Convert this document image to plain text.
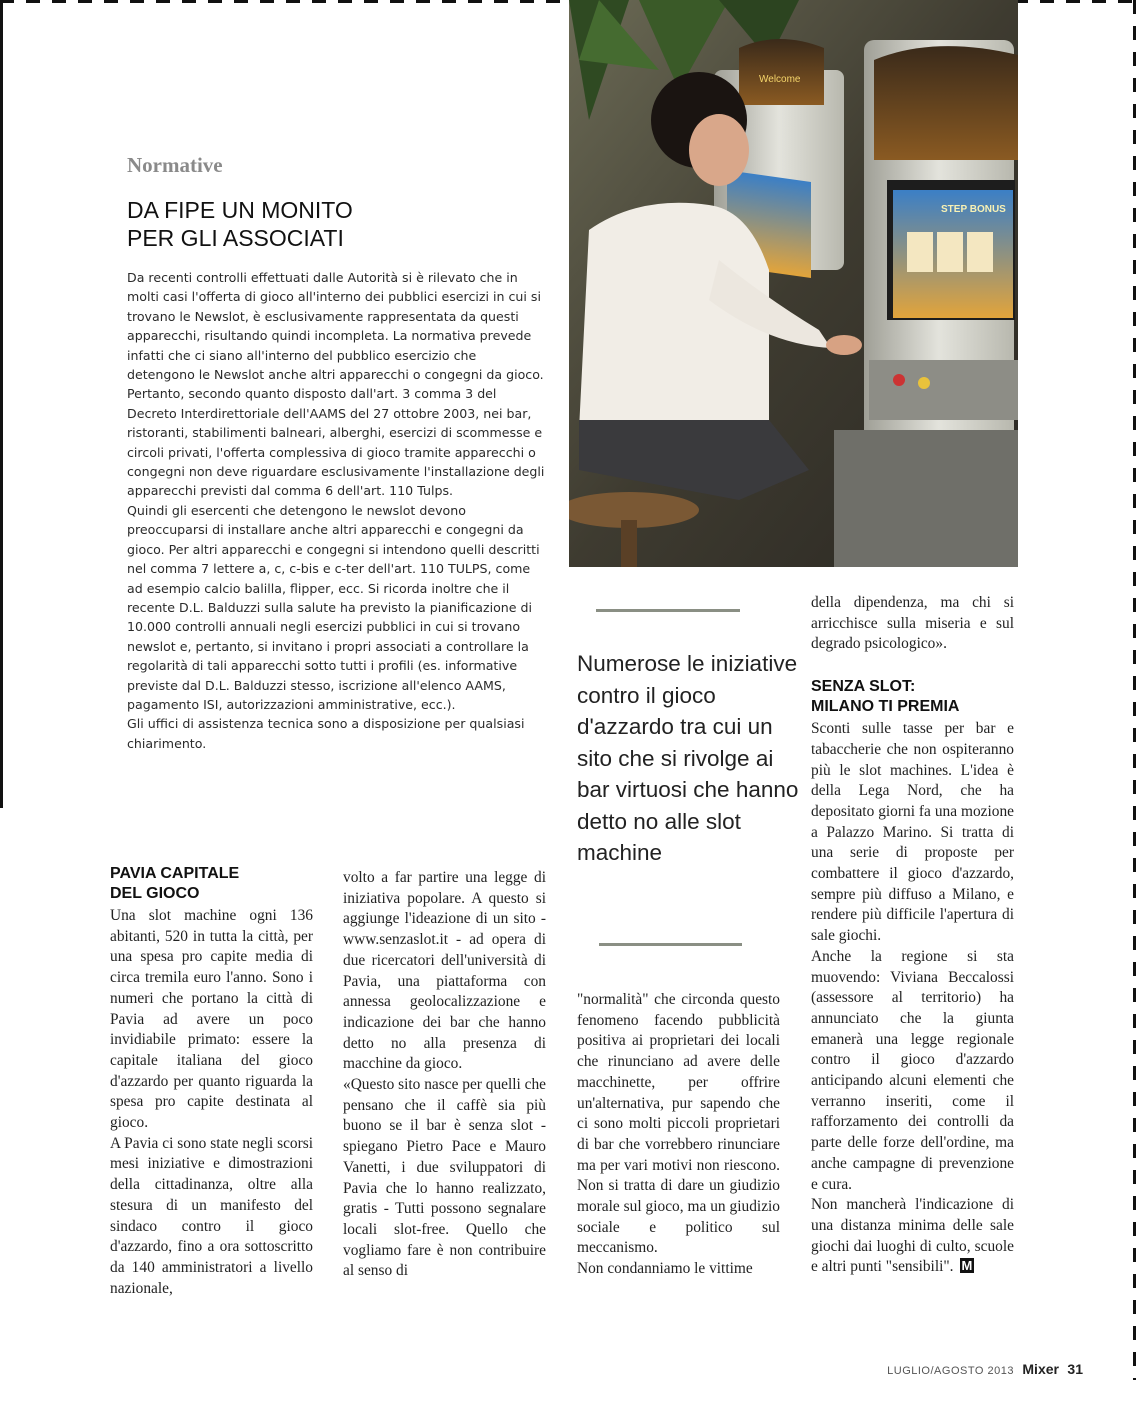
Normative
DA FIPE UN MONITO
PER GLI ASSOCIATI

Da recenti controlli effettuati dalle Autorità si è rilevato che in molti casi l'offerta di gioco all'interno dei pubblici esercizi in cui si trovano le Newslot, è esclusivamente rappresentata da questi apparecchi, risultando quindi incompleta. La normativa prevede infatti che ci siano all'interno del pubblico esercizio che detengono le Newslot anche altri apparecchi o congegni da gioco.

Pertanto, secondo quanto disposto dall'art. 3 comma 3 del Decreto Interdirettoriale dell'AAMS del 27 ottobre 2003, nei bar, ristoranti, stabilimenti balneari, alberghi, esercizi di scommesse e circoli privati, l'offerta complessiva di gioco tramite apparecchi o congegni non deve riguardare esclusivamente l'installazione degli apparecchi previsti dal comma 6 dell'art. 110 Tulps.

Quindi gli esercenti che detengono le newslot devono preoccuparsi di installare anche altri apparecchi e congegni da gioco. Per altri apparecchi e congegni si intendono quelli descritti nel comma 7 lettere a, c, c-bis e c-ter dell'art. 110 TULPS, come ad esempio calcio balilla, flipper, ecc. Si ricorda inoltre che il recente D.L. Balduzzi sulla salute ha previsto la pianificazione di 10.000 controlli annuali negli esercizi pubblici in cui si trovano newslot e, pertanto, si invitano i propri associati a controllare la regolarità di tali apparecchi sotto tutti i profili (es. informative previste dal D.L. Balduzzi stesso, iscrizione all'elenco AAMS, pagamento ISI, autorizzazioni amministrative, ecc.).

Gli uffici di assistenza tecnica sono a disposizione per qualsiasi chiarimento.

Welcome
STEP BONUS
PAVIA CAPITALE
DEL GIOCO

Una slot machine ogni 136 abitanti, 520 in tutta la città, per una spesa pro capite media di circa tremila euro l'anno. Sono i numeri che portano la città di Pavia ad avere un poco invidiabile primato: essere la capitale italiana del gioco d'azzardo per quanto riguarda la spesa pro capite destinata al gioco.

A Pavia ci sono state negli scorsi mesi iniziative e dimostrazioni della cittadinanza, oltre alla stesura di un manifesto del sindaco contro il gioco d'azzardo, fino a ora sottoscritto da 140 amministratori a livello nazionale,

volto a far partire una legge di iniziativa popolare. A questo si aggiunge l'ideazione di un sito - www.senzaslot.it - ad opera di due ricercatori dell'università di Pavia, una piattaforma con annessa geolocalizzazione e indicazione dei bar che hanno detto no alla presenza di macchine da gioco.

«Questo sito nasce per quelli che pensano che il caffè sia più buono se il bar è senza slot - spiegano Pietro Pace e Mauro Vanetti, i due sviluppatori di Pavia che lo hanno realizzato, gratis - Tutti possono segnalare locali slot-free. Quello che vogliamo fare è non contribuire al senso di

Numerose le iniziative contro il gioco d'azzardo tra cui un sito che si rivolge ai bar virtuosi che hanno detto no alle slot machine

"normalità" che circonda questo fenomeno facendo pubblicità positiva ai proprietari dei locali che rinunciano ad avere delle macchinette, per offrire un'alternativa, pur sapendo che ci sono molti piccoli proprietari di bar che vorrebbero rinunciare ma per vari motivi non riescono. Non si tratta di dare un giudizio morale sul gioco, ma un giudizio sociale e politico sul meccanismo.

Non condanniamo le vittime

della dipendenza, ma chi si arricchisce sulla miseria e sul degrado psicologico».

SENZA SLOT:
MILANO TI PREMIA

Sconti sulle tasse per bar e tabaccherie che non ospiteranno più le slot machines. L'idea è della Lega Nord, che ha depositato giorni fa una mozione a Palazzo Marino. Si tratta di una serie di proposte per combattere il gioco d'azzardo, sempre più diffuso a Milano, e rendere più difficile l'apertura di sale giochi.

Anche la regione si sta muovendo: Viviana Beccalossi (assessore al territorio) ha annunciato che la giunta emanerà una legge regionale contro il gioco d'azzardo anticipando alcuni elementi che verranno inseriti, come il rafforzamento dei controlli da parte delle forze dell'ordine, ma anche campagne di prevenzione e cura.

Non mancherà l'indicazione di una distanza minima delle sale giochi dai luoghi di culto, scuole e altri punti "sensibili". M

LUGLIO/AGOSTO 2013 Mixer 31
